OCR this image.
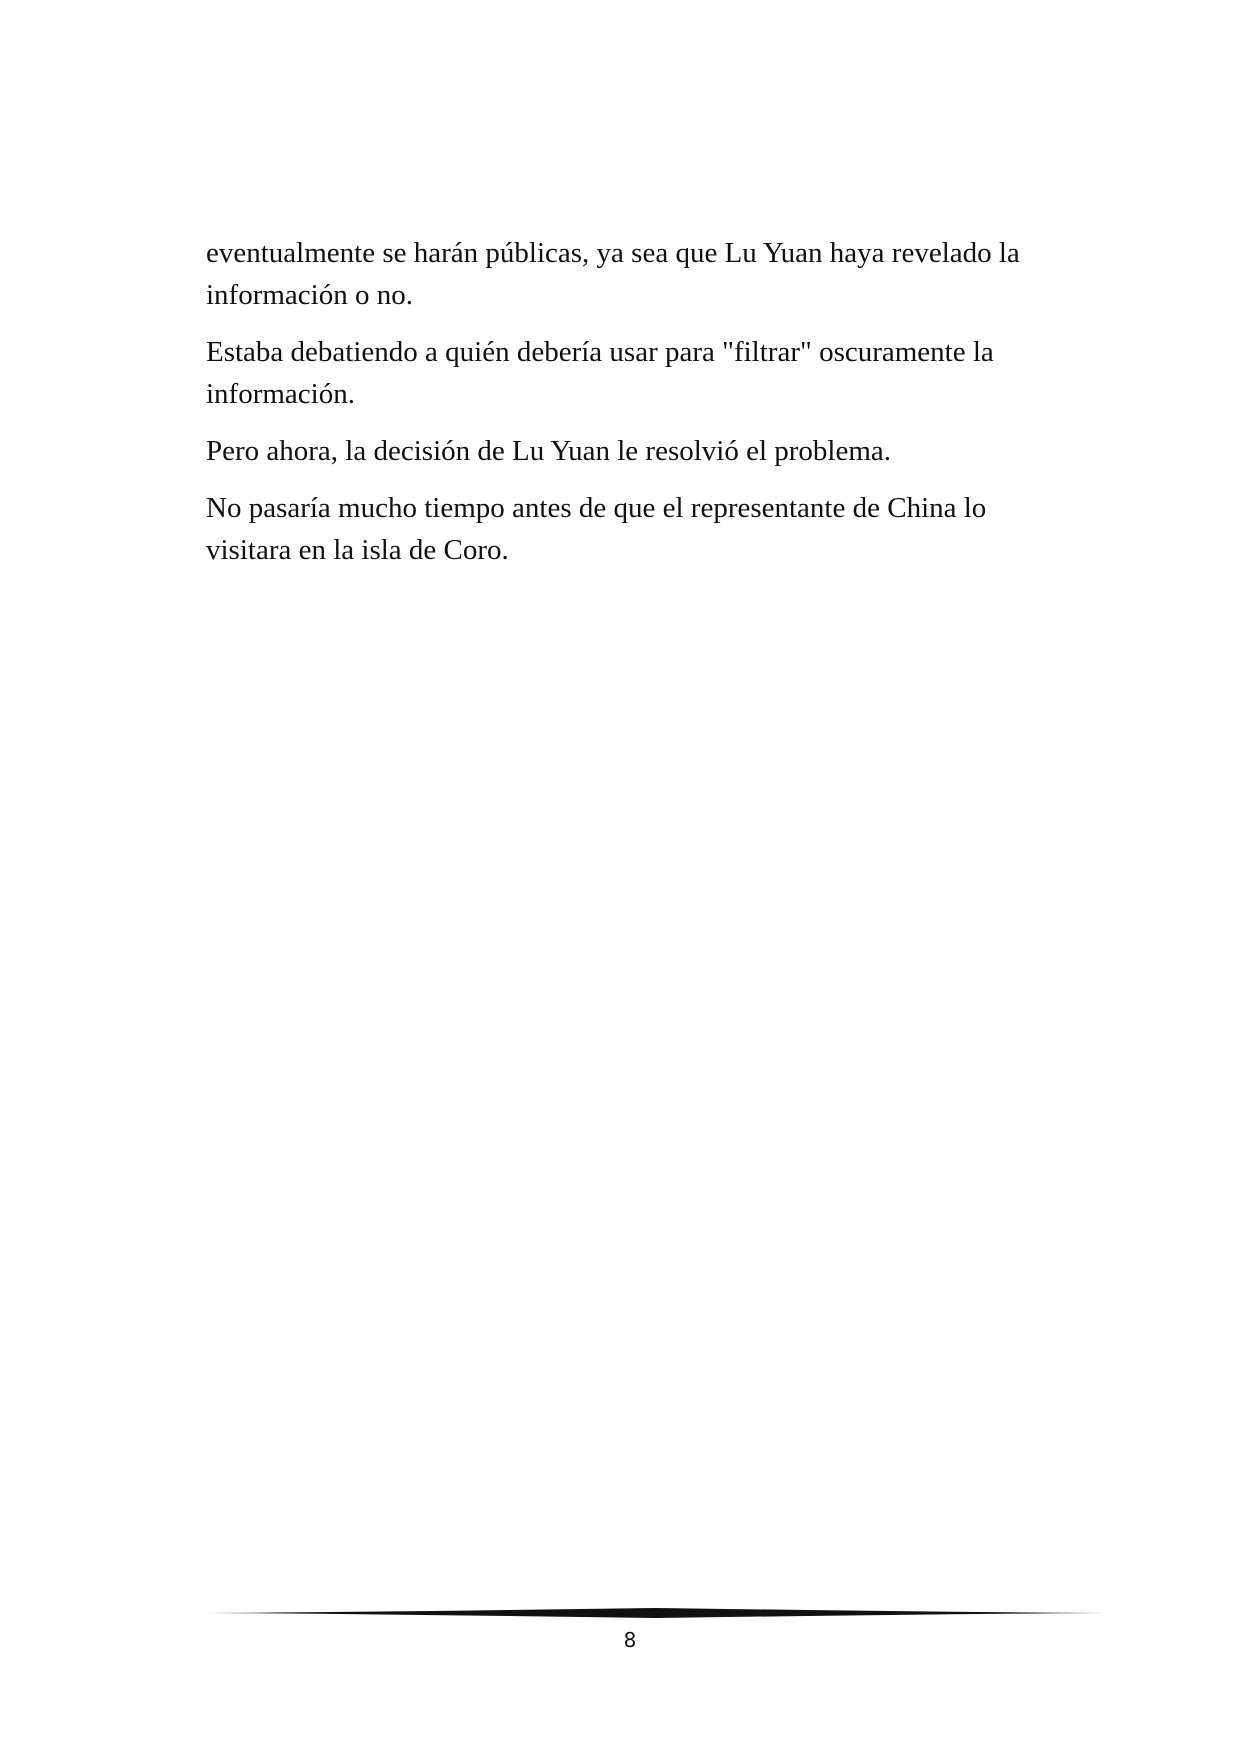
eventualmente se harán públicas, ya sea que Lu Yuan haya revelado la información o no.

Estaba debatiendo a quién debería usar para "filtrar" oscuramente la información.

Pero ahora, la decisión de Lu Yuan le resolvió el problema.

No pasaría mucho tiempo antes de que el representante de China lo visitara en la isla de Coro.

8
